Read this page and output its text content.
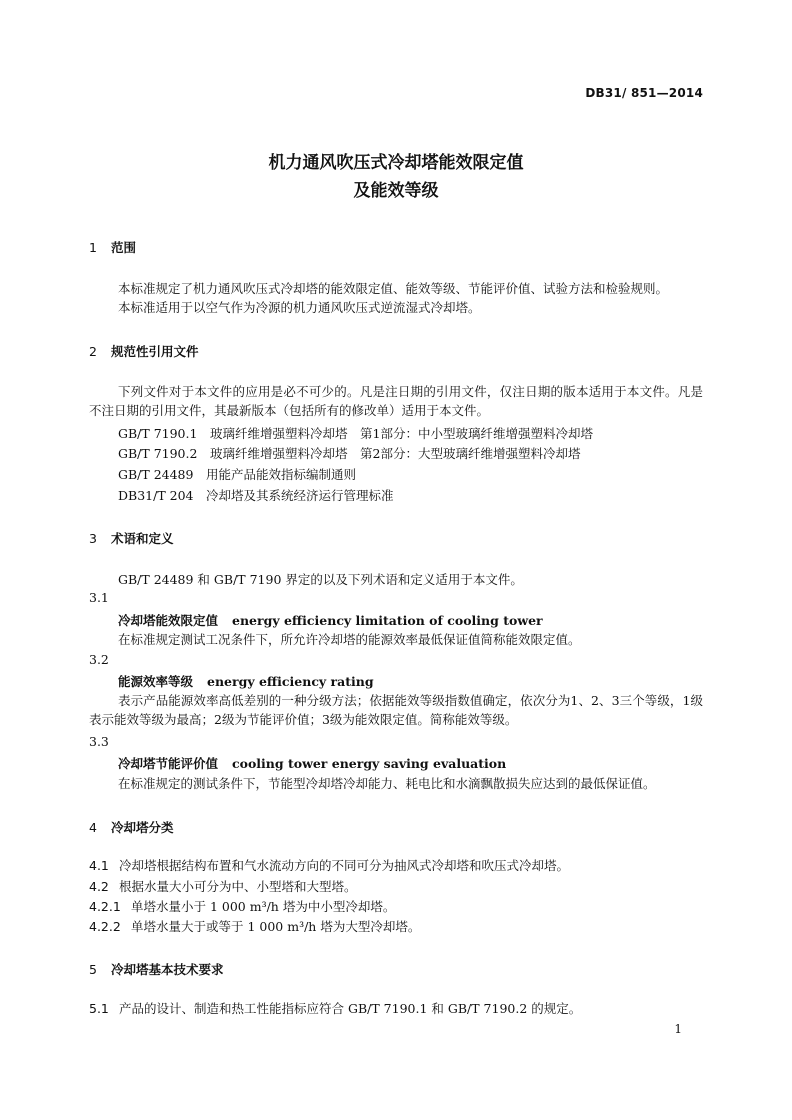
DB31/ 851—2014
机力通风吹压式冷却塔能效限定值
及能效等级
1 范围
本标准规定了机力通风吹压式冷却塔的能效限定值、能效等级、节能评价值、试验方法和检验规则。
本标准适用于以空气作为冷源的机力通风吹压式逆流湿式冷却塔。
2 规范性引用文件
下列文件对于本文件的应用是必不可少的。凡是注日期的引用文件，仅注日期的版本适用于本文件。凡是不注日期的引用文件，其最新版本（包括所有的修改单）适用于本文件。
GB/T 7190.1 玻璃纤维增强塑料冷却塔　第1部分：中小型玻璃纤维增强塑料冷却塔
GB/T 7190.2 玻璃纤维增强塑料冷却塔　第2部分：大型玻璃纤维增强塑料冷却塔
GB/T 24489 用能产品能效指标编制通则
DB31/T 204 冷却塔及其系统经济运行管理标准
3 术语和定义
GB/T 24489 和 GB/T 7190 界定的以及下列术语和定义适用于本文件。
3.1
冷却塔能效限定值 energy efficiency limitation of cooling tower
在标准规定测试工况条件下，所允许冷却塔的能源效率最低保证值简称能效限定值。
3.2
能源效率等级 energy efficiency rating
表示产品能源效率高低差别的一种分级方法；依据能效等级指数值确定，依次分为1、2、3三个等级，1级表示能效等级为最高；2级为节能评价值；3级为能效限定值。简称能效等级。
3.3
冷却塔节能评价值 cooling tower energy saving evaluation
在标准规定的测试条件下，节能型冷却塔冷却能力、耗电比和水滴飘散损失应达到的最低保证值。
4 冷却塔分类
4.1 冷却塔根据结构布置和气水流动方向的不同可分为抽风式冷却塔和吹压式冷却塔。
4.2 根据水量大小可分为中、小型塔和大型塔。
4.2.1 单塔水量小于 1 000 m³/h 塔为中小型冷却塔。
4.2.2 单塔水量大于或等于 1 000 m³/h 塔为大型冷却塔。
5 冷却塔基本技术要求
5.1 产品的设计、制造和热工性能指标应符合 GB/T 7190.1 和 GB/T 7190.2 的规定。
1
